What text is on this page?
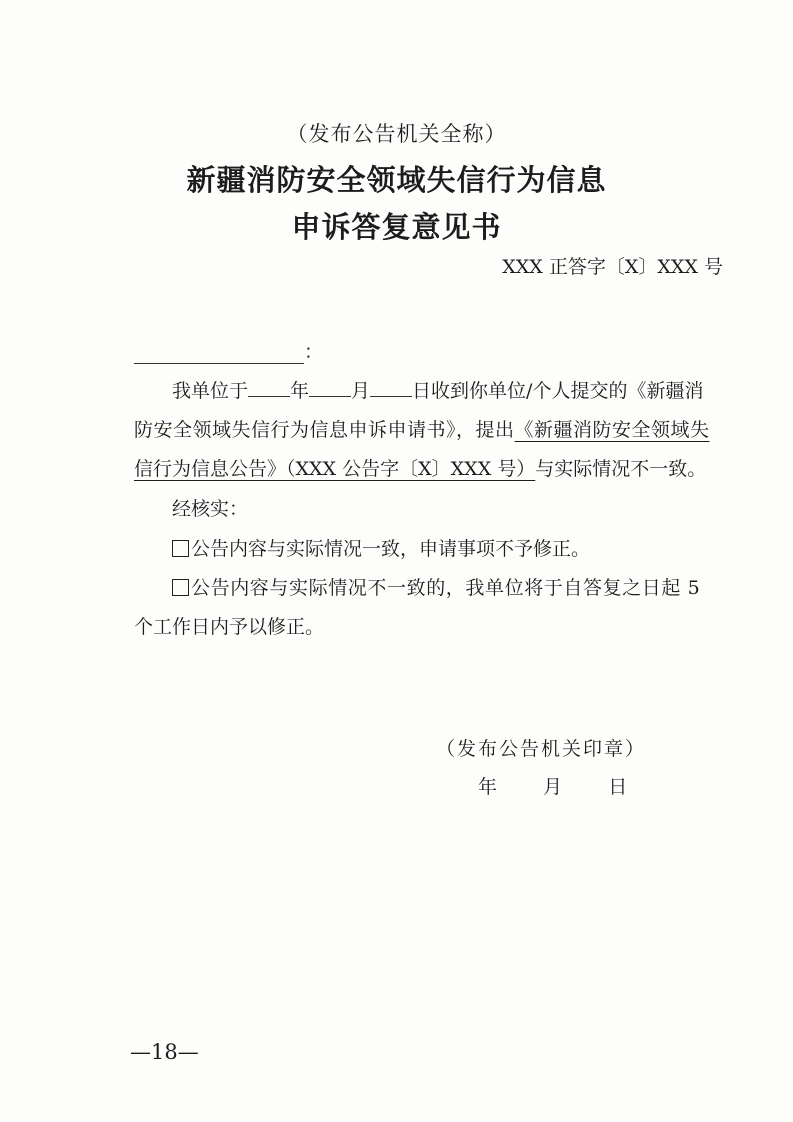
（发布公告机关全称）
新疆消防安全领域失信行为信息
申诉答复意见书
XXX 正答字〔X〕XXX 号
：
我单位于 年 月 日收到你单位/个人提交的《新疆消
防安全领域失信行为信息申诉申请书》，提出《新疆消防安全领域失
信行为信息公告》（XXX 公告字〔X〕XXX 号）与实际情况不一致。
经核实：
公告内容与实际情况一致，申请事项不予修正。
公告内容与实际情况不一致的，我单位将于自答复之日起 5
个工作日内予以修正。
（发布公告机关印章）
年 月 日
—18—
